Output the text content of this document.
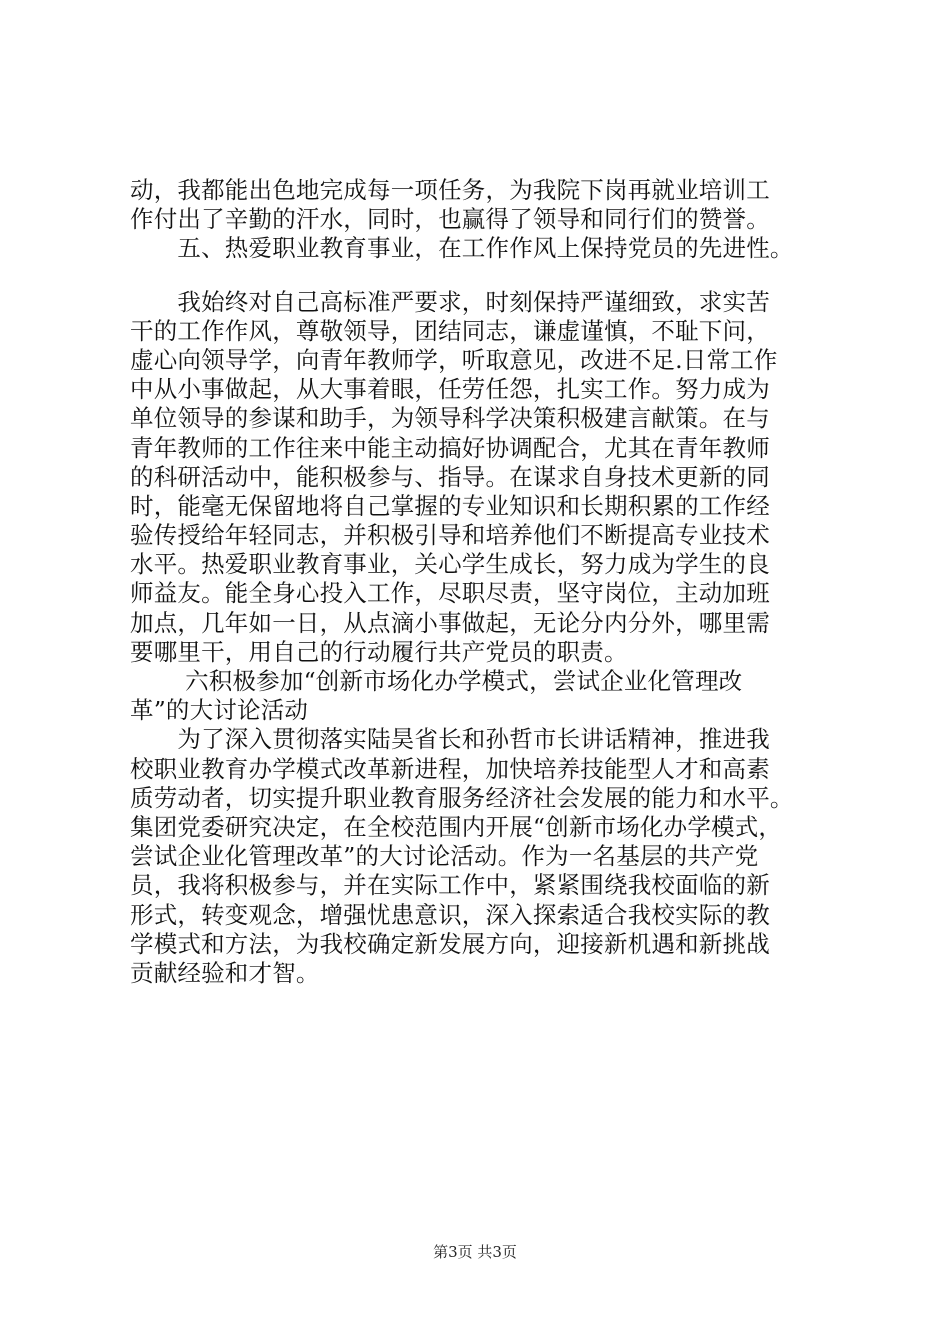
动，我都能出色地完成每一项任务，为我院下岗再就业培训工
作付出了辛勤的汗水，同时，也赢得了领导和同行们的赞誉。
　　五、热爱职业教育事业，在工作作风上保持党员的先进性。
　　我始终对自己高标准严要求，时刻保持严谨细致，求实苦
干的工作作风，尊敬领导，团结同志，谦虚谨慎，不耻下问，
虚心向领导学，向青年教师学，听取意见，改进不足.日常工作
中从小事做起，从大事着眼，任劳任怨，扎实工作。努力成为
单位领导的参谋和助手，为领导科学决策积极建言献策。在与
青年教师的工作往来中能主动搞好协调配合，尤其在青年教师
的科研活动中，能积极参与、指导。在谋求自身技术更新的同
时，能毫无保留地将自己掌握的专业知识和长期积累的工作经
验传授给年轻同志，并积极引导和培养他们不断提高专业技术
水平。热爱职业教育事业，关心学生成长，努力成为学生的良
师益友。能全身心投入工作，尽职尽责，坚守岗位，主动加班
加点，几年如一日，从点滴小事做起，无论分内分外，哪里需
要哪里干，用自己的行动履行共产党员的职责。
　　 六积极参加“创新市场化办学模式，尝试企业化管理改
革”的大讨论活动
　　为了深入贯彻落实陆昊省长和孙哲市长讲话精神，推进我
校职业教育办学模式改革新进程，加快培养技能型人才和高素
质劳动者，切实提升职业教育服务经济社会发展的能力和水平。
集团党委研究决定，在全校范围内开展“创新市场化办学模式，
尝试企业化管理改革”的大讨论活动。作为一名基层的共产党
员，我将积极参与，并在实际工作中，紧紧围绕我校面临的新
形式，转变观念，增强忧患意识，深入探索适合我校实际的教
学模式和方法，为我校确定新发展方向，迎接新机遇和新挑战
贡献经验和才智。
第3页 共3页
